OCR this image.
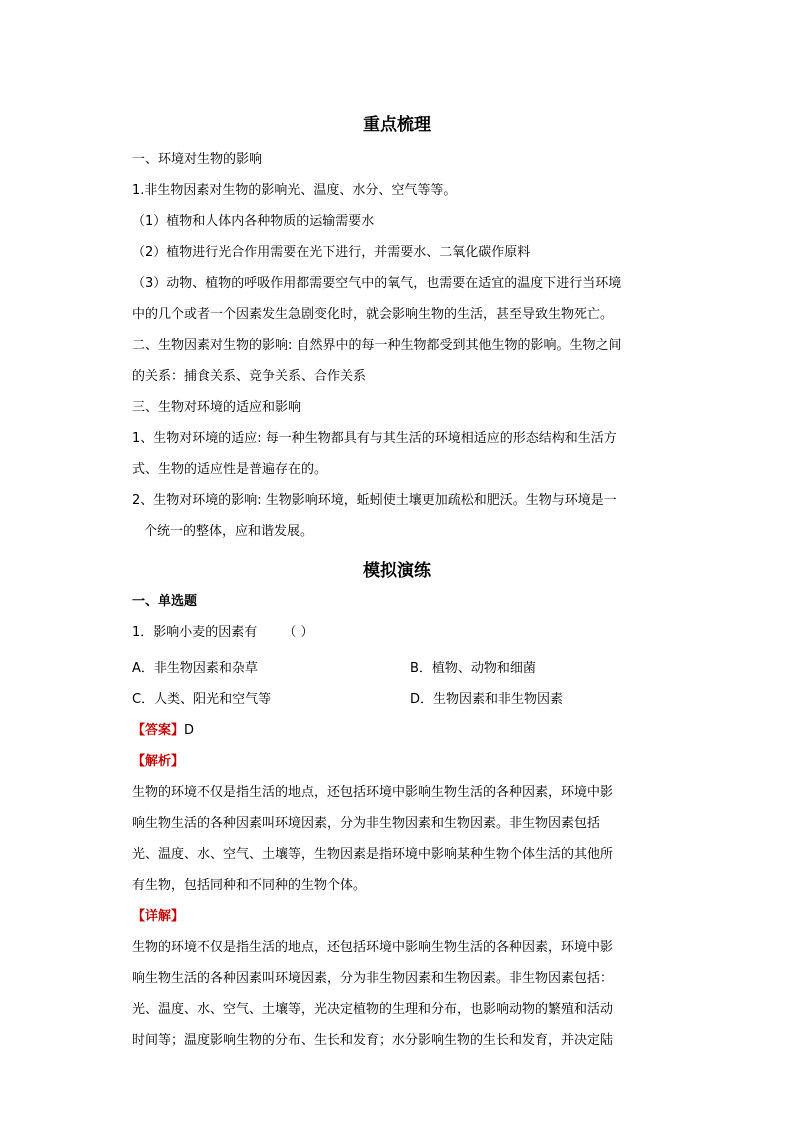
重点梳理
一、环境对生物的影响
1.非生物因素对生物的影响光、温度、水分、空气等等。
（1）植物和人体内各种物质的运输需要水
（2）植物进行光合作用需要在光下进行，并需要水、二氧化碳作原料
（3）动物、植物的呼吸作用都需要空气中的氧气，也需要在适宜的温度下进行当环境
中的几个或者一个因素发生急剧变化时，就会影响生物的生活，甚至导致生物死亡。
二、生物因素对生物的影响: 自然界中的每一种生物都受到其他生物的影响。生物之间
的关系：捕食关系、竞争关系、合作关系
三、生物对环境的适应和影响
1、生物对环境的适应: 每一种生物都具有与其生活的环境相适应的形态结构和生活方
式、生物的适应性是普遍存在的。
2、生物对环境的影响: 生物影响环境，蚯蚓使土壤更加疏松和肥沃。生物与环境是一
个统一的整体，应和谐发展。
模拟演练
一、单选题
1．影响小麦的因素有 （ ）
A．非生物因素和杂草	B．植物、动物和细菌
C．人类、阳光和空气等	D．生物因素和非生物因素
【答案】D
【解析】
生物的环境不仅是指生活的地点，还包括环境中影响生物生活的各种因素，环境中影
响生物生活的各种因素叫环境因素，分为非生物因素和生物因素。非生物因素包括
光、温度、水、空气、土壤等，生物因素是指环境中影响某种生物个体生活的其他所
有生物，包括同种和不同种的生物个体。
【详解】
生物的环境不仅是指生活的地点，还包括环境中影响生物生活的各种因素，环境中影
响生物生活的各种因素叫环境因素，分为非生物因素和生物因素。非生物因素包括：
光、温度、水、空气、土壤等，光决定植物的生理和分布，也影响动物的繁殖和活动
时间等；温度影响生物的分布、生长和发育；水分影响生物的生长和发育，并决定陆
